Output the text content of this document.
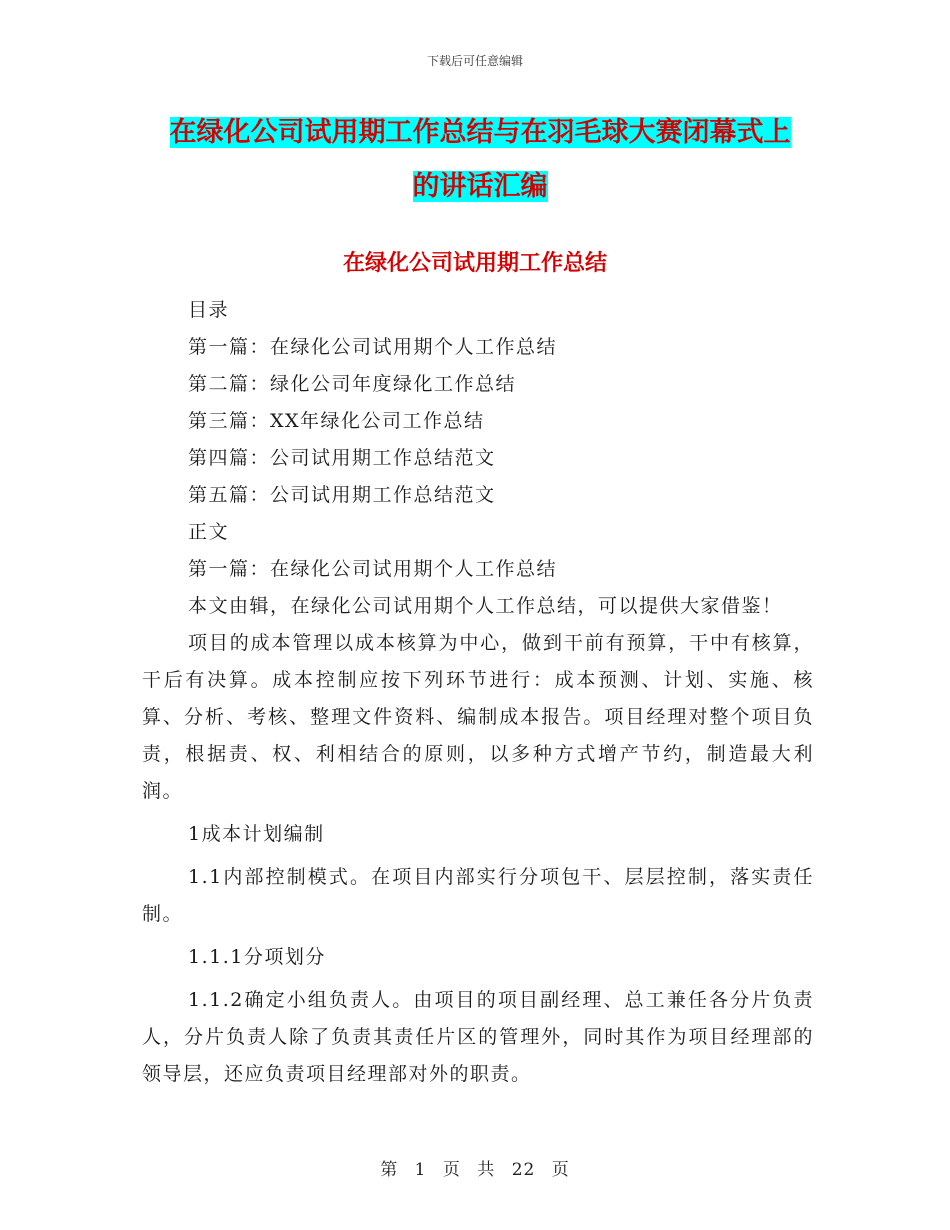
下载后可任意编辑
在绿化公司试用期工作总结与在羽毛球大赛闭幕式上
的讲话汇编
在绿化公司试用期工作总结

目录

第一篇：在绿化公司试用期个人工作总结

第二篇：绿化公司年度绿化工作总结

第三篇：XX年绿化公司工作总结

第四篇：公司试用期工作总结范文

第五篇：公司试用期工作总结范文

正文

第一篇：在绿化公司试用期个人工作总结

本文由辑，在绿化公司试用期个人工作总结，可以提供大家借鉴！

项目的成本管理以成本核算为中心，做到干前有预算，干中有核算，干后有决算。成本控制应按下列环节进行：成本预测、计划、实施、核算、分析、考核、整理文件资料、编制成本报告。项目经理对整个项目负责，根据责、权、利相结合的原则，以多种方式增产节约，制造最大利润。

1成本计划编制

1.1内部控制模式。在项目内部实行分项包干、层层控制，落实责任制。

1.1.1分项划分

1.1.2确定小组负责人。由项目的项目副经理、总工兼任各分片负责人，分片负责人除了负责其责任片区的管理外，同时其作为项目经理部的领导层，还应负责项目经理部对外的职责。

第 1 页 共 22 页
